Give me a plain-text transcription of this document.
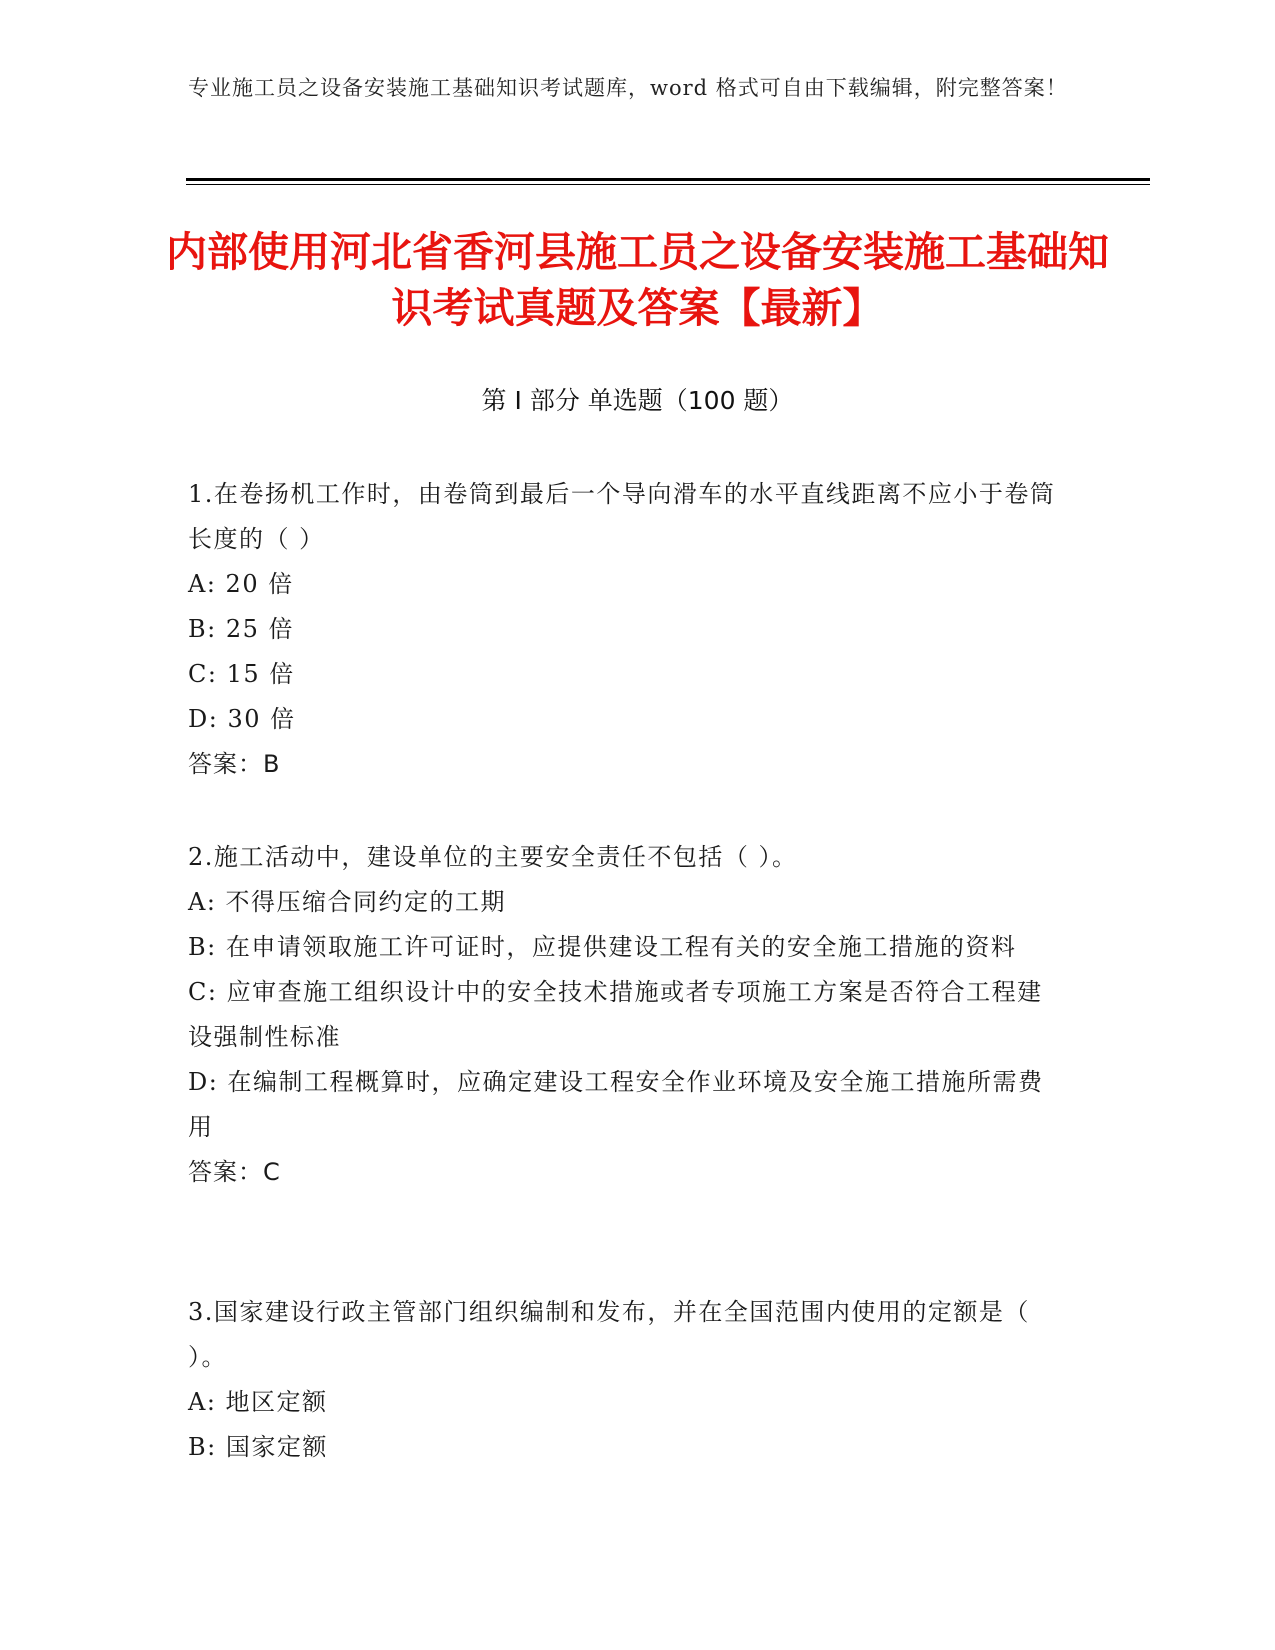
专业施工员之设备安装施工基础知识考试题库，word 格式可自由下载编辑，附完整答案！
内部使用河北省香河县施工员之设备安装施工基础知识考试真题及答案【最新】
第 I 部分 单选题（100 题）
1.在卷扬机工作时，由卷筒到最后一个导向滑车的水平直线距离不应小于卷筒长度的（ ）
A: 20 倍
B: 25 倍
C: 15 倍
D: 30 倍
答案：B
2.施工活动中，建设单位的主要安全责任不包括（ ）。
A: 不得压缩合同约定的工期
B: 在申请领取施工许可证时，应提供建设工程有关的安全施工措施的资料
C: 应审查施工组织设计中的安全技术措施或者专项施工方案是否符合工程建设强制性标准
D: 在编制工程概算时，应确定建设工程安全作业环境及安全施工措施所需费用
答案：C
3.国家建设行政主管部门组织编制和发布，并在全国范围内使用的定额是（ ）。
A: 地区定额
B: 国家定额
